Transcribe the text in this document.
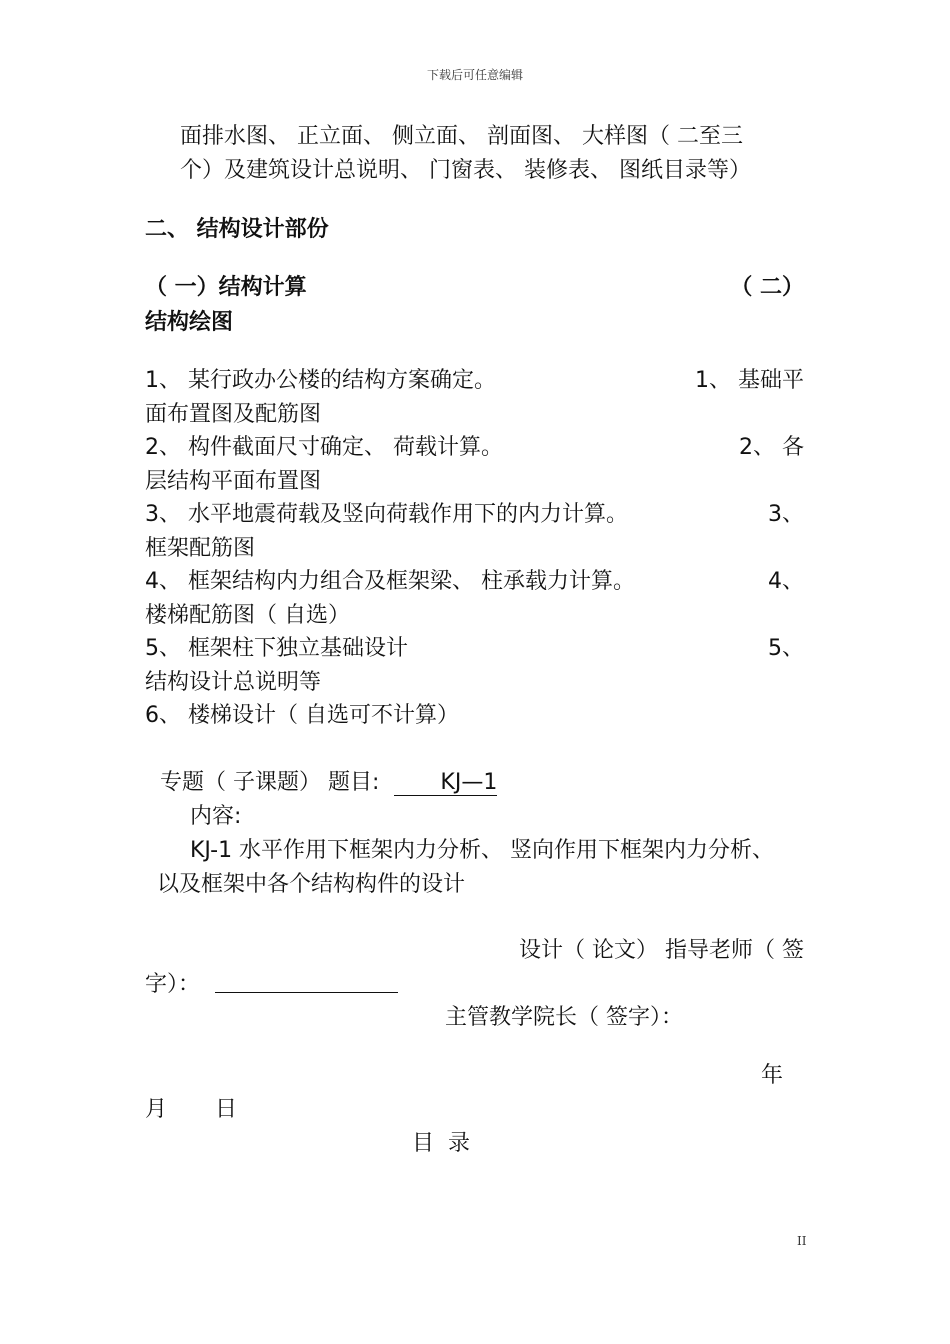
下载后可任意编辑
面排水图、 正立面、 侧立面、 剖面图、 大样图（ 二至三
个）及建筑设计总说明、 门窗表、 装修表、 图纸目录等）
二、 结构设计部份
（ 一）结构计算	（ 二）
结构绘图
1、 某行政办公楼的结构方案确定。	1、 基础平
面布置图及配筋图
2、 构件截面尺寸确定、 荷载计算。	2、 各
层结构平面布置图
3、 水平地震荷载及竖向荷载作用下的内力计算。	3、
框架配筋图
4、 框架结构内力组合及框架梁、 柱承载力计算。	4、
楼梯配筋图（ 自选）
5、 框架柱下独立基础设计	5、
结构设计总说明等
6、 楼梯设计（ 自选可不计算）
专题（ 子课题） 题目:	KJ—1
内容:
KJ-1 水平作用下框架内力分析、 竖向作用下框架内力分析、
以及框架中各个结构构件的设计
设计（ 论文） 指导老师（ 签
字）：
主管教学院长（ 签字）：
年
月 日
目  录
II
